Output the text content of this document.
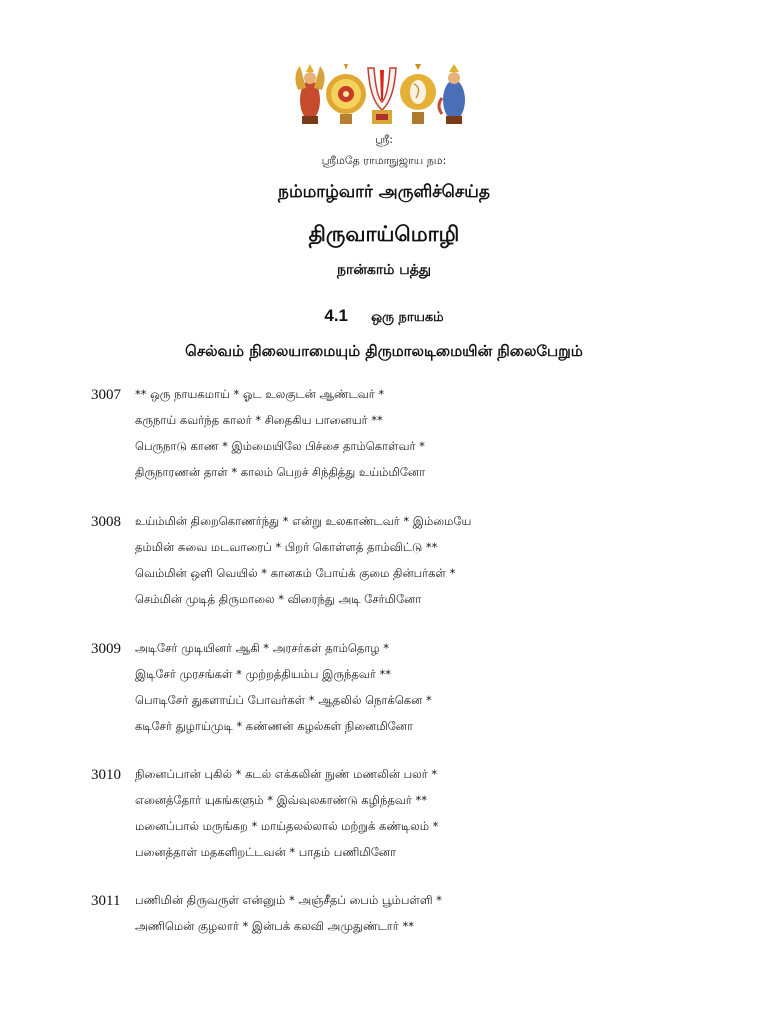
ஸ்ரீ:
ஸ்ரீமதே ராமாநுஜாய நம:
நம்மாழ்வார் அருளிச்செய்த
திருவாய்மொழி
நான்காம் பத்து
4.1 ஒரு நாயகம்
செல்வம் நிலையாமையும் திருமாலடிமையின் நிலைபேறும்
3007 ** ஒரு நாயகமாய் * ஓட உலகுடன் ஆண்டவர் *
கருநாய் கவர்ந்த காலர் * சிதைகிய பானையர் **
பெருநாடு காண * இம்மையிலே பிச்சை தாம்கொள்வர் *
திருநாரணன் தாள் * காலம் பெறச் சிந்தித்து உய்ம்மினோ
3008 உய்ம்மின் திறைகொணர்ந்து * என்று உலகாண்டவர் * இம்மையே
தம்மின் சுவை மடவாரைப் * பிறர் கொள்ளத் தாம்விட்டு **
வெம்மின் ஒளி வெயில் * கானகம் போய்க் குமை தின்பர்கள் *
செம்மின் முடித் திருமாலை * விரைந்து அடி சேர்மினோ
3009 அடிசேர் முடியினர் ஆகி * அரசர்கள் தாம்தொழ *
இடிசேர் முரசங்கள் * முற்றத்தியம்ப இருந்தவர் **
பொடிசேர் துகளாய்ப் போவர்கள் * ஆதலில் நொக்கென *
கடிசேர் துழாய்முடி * கண்ணன் கழல்கள் நினைமினோ
3010 நினைப்பான் புகில் * கடல் எக்கலின் நுண் மணலின் பலர் *
எனைத்தோர் யுகங்களும் * இவ்வுலகாண்டு கழிந்தவர் **
மனைப்பால் மருங்கற * மாய்தலல்லால் மற்றுக் கண்டிலம் *
பனைத்தாள் மதகளிறட்டவன் * பாதம் பணிமினோ
3011 பணிமின் திருவருள் என்னும் * அஞ்சீதப் பைம் பூம்பள்ளி *
அணிமென் குழலார் * இன்பக் கலவி அமுதுண்டார் **
